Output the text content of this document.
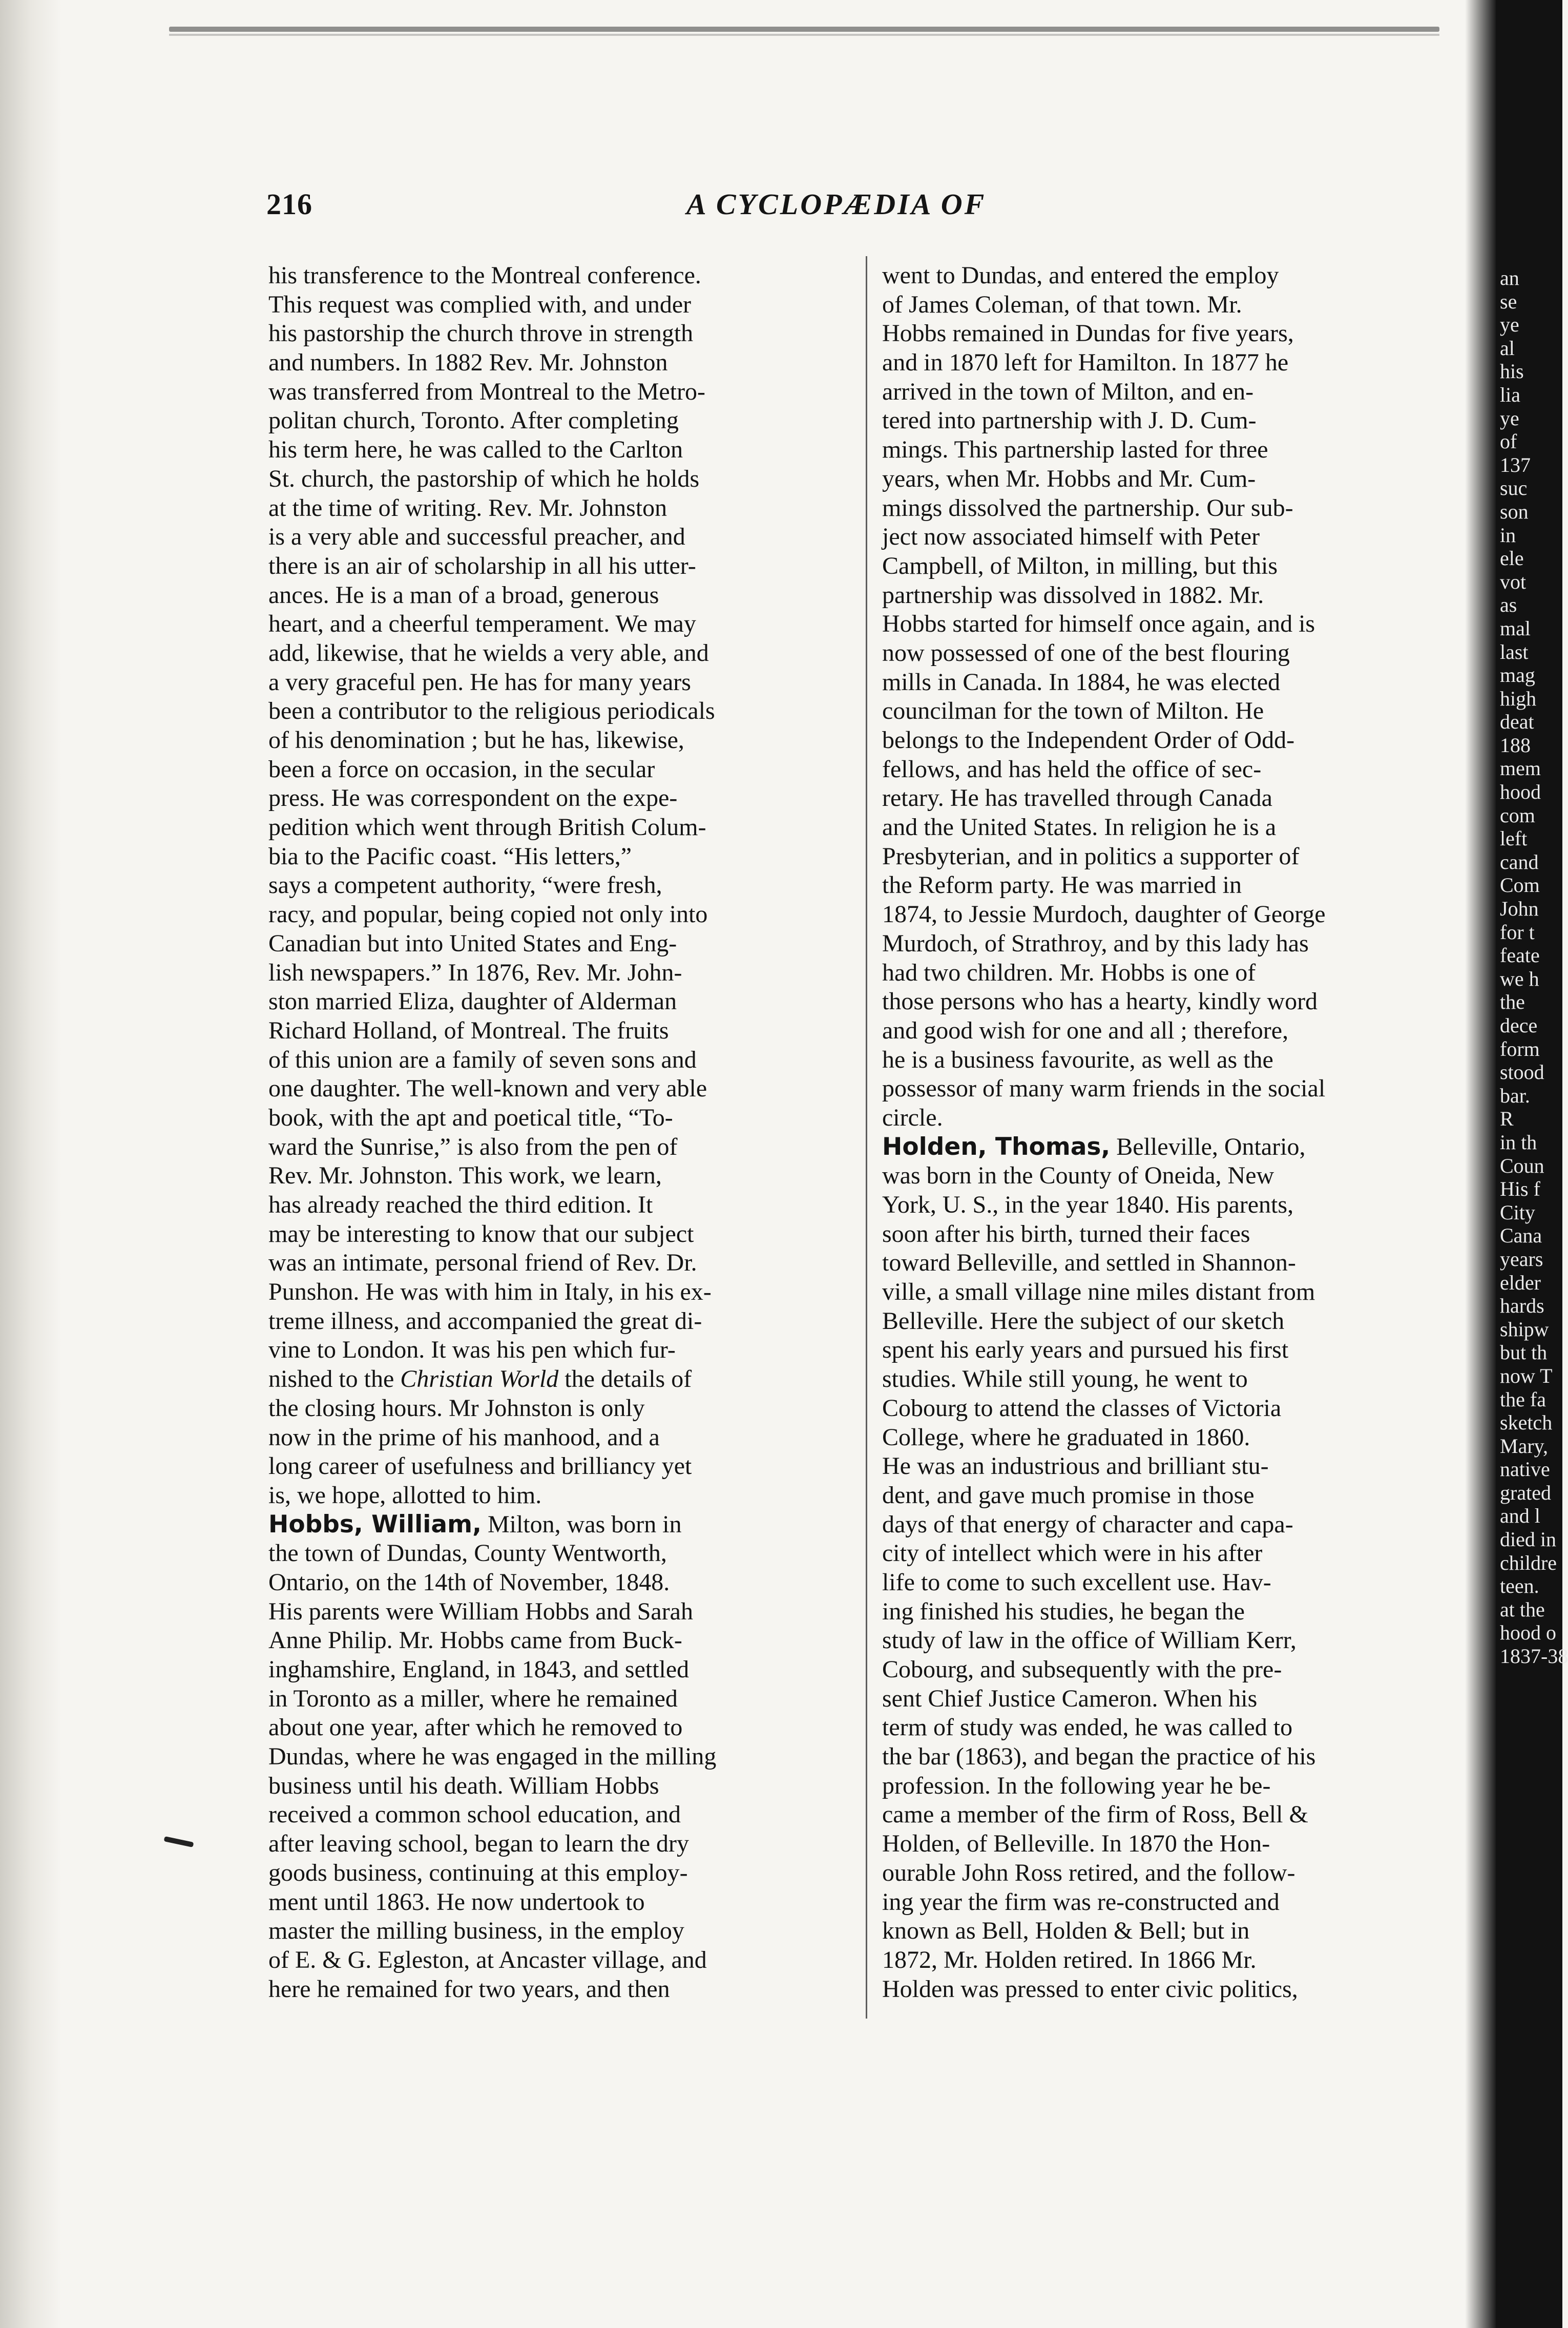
216	A CYCLOPÆDIA OF
his transference to the Montreal conference.
This request was complied with, and under
his pastorship the church throve in strength
and numbers. In 1882 Rev. Mr. Johnston
was transferred from Montreal to the Metro-
politan church, Toronto. After completing
his term here, he was called to the Carlton
St. church, the pastorship of which he holds
at the time of writing. Rev. Mr. Johnston
is a very able and successful preacher, and
there is an air of scholarship in all his utter-
ances. He is a man of a broad, generous
heart, and a cheerful temperament. We may
add, likewise, that he wields a very able, and
a very graceful pen. He has for many years
been a contributor to the religious periodicals
of his denomination ; but he has, likewise,
been a force on occasion, in the secular
press. He was correspondent on the expe-
pedition which went through British Colum-
bia to the Pacific coast. “His letters,”
says a competent authority, “were fresh,
racy, and popular, being copied not only into
Canadian but into United States and Eng-
lish newspapers.” In 1876, Rev. Mr. John-
ston married Eliza, daughter of Alderman
Richard Holland, of Montreal. The fruits
of this union are a family of seven sons and
one daughter. The well-known and very able
book, with the apt and poetical title, “To-
ward the Sunrise,” is also from the pen of
Rev. Mr. Johnston. This work, we learn,
has already reached the third edition. It
may be interesting to know that our subject
was an intimate, personal friend of Rev. Dr.
Punshon. He was with him in Italy, in his ex-
treme illness, and accompanied the great di-
vine to London. It was his pen which fur-
nished to the Christian World the details of
the closing hours. Mr Johnston is only
now in the prime of his manhood, and a
long career of usefulness and brilliancy yet
is, we hope, allotted to him.
Hobbs, William, Milton, was born in
the town of Dundas, County Wentworth,
Ontario, on the 14th of November, 1848.
His parents were William Hobbs and Sarah
Anne Philip. Mr. Hobbs came from Buck-
inghamshire, England, in 1843, and settled
in Toronto as a miller, where he remained
about one year, after which he removed to
Dundas, where he was engaged in the milling
business until his death. William Hobbs
received a common school education, and
after leaving school, began to learn the dry
goods business, continuing at this employ-
ment until 1863. He now undertook to
master the milling business, in the employ
of E. & G. Egleston, at Ancaster village, and
here he remained for two years, and then
went to Dundas, and entered the employ
of James Coleman, of that town. Mr.
Hobbs remained in Dundas for five years,
and in 1870 left for Hamilton. In 1877 he
arrived in the town of Milton, and en-
tered into partnership with J. D. Cum-
mings. This partnership lasted for three
years, when Mr. Hobbs and Mr. Cum-
mings dissolved the partnership. Our sub-
ject now associated himself with Peter
Campbell, of Milton, in milling, but this
partnership was dissolved in 1882. Mr.
Hobbs started for himself once again, and is
now possessed of one of the best flouring
mills in Canada. In 1884, he was elected
councilman for the town of Milton. He
belongs to the Independent Order of Odd-
fellows, and has held the office of sec-
retary. He has travelled through Canada
and the United States. In religion he is a
Presbyterian, and in politics a supporter of
the Reform party. He was married in
1874, to Jessie Murdoch, daughter of George
Murdoch, of Strathroy, and by this lady has
had two children. Mr. Hobbs is one of
those persons who has a hearty, kindly word
and good wish for one and all ; therefore,
he is a business favourite, as well as the
possessor of many warm friends in the social
circle.
Holden, Thomas, Belleville, Ontario,
was born in the County of Oneida, New
York, U. S., in the year 1840. His parents,
soon after his birth, turned their faces
toward Belleville, and settled in Shannon-
ville, a small village nine miles distant from
Belleville. Here the subject of our sketch
spent his early years and pursued his first
studies. While still young, he went to
Cobourg to attend the classes of Victoria
College, where he graduated in 1860.
He was an industrious and brilliant stu-
dent, and gave much promise in those
days of that energy of character and capa-
city of intellect which were in his after
life to come to such excellent use. Hav-
ing finished his studies, he began the
study of law in the office of William Kerr,
Cobourg, and subsequently with the pre-
sent Chief Justice Cameron. When his
term of study was ended, he was called to
the bar (1863), and began the practice of his
profession. In the following year he be-
came a member of the firm of Ross, Bell &
Holden, of Belleville. In 1870 the Hon-
ourable John Ross retired, and the follow-
ing year the firm was re-constructed and
known as Bell, Holden & Bell; but in
1872, Mr. Holden retired. In 1866 Mr.
Holden was pressed to enter civic politics,
an
se
ye
al
his
lia
ye
of
137
suc
son
in
ele
vot
as
mal
last
mag
high
deat
188
mem
hood
com
left
cand
Com
John
for t
feate
we h
the
dece
form
stood
bar.
R
in th
Coun
His f
City
Cana
years
elder
hards
shipw
but th
now T
the fa
sketch
Mary,
native
grated
and l
died in
childre
teen.
at the
hood o
1837-38
